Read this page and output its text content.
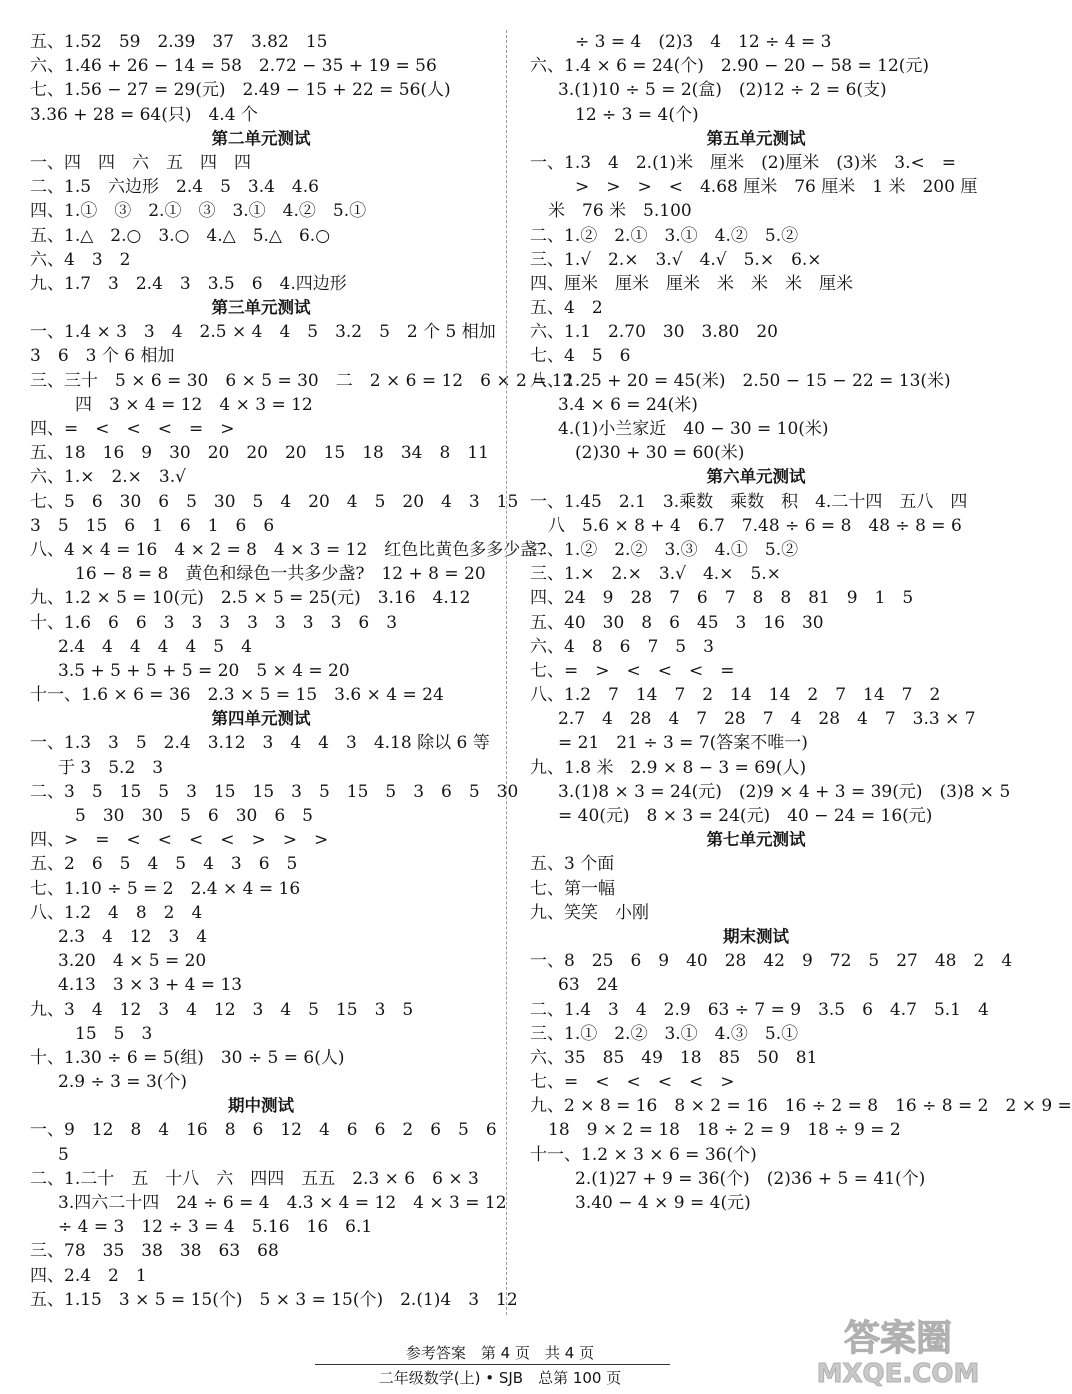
五、1.52　59　2.39　37　3.82　15
六、1.46 + 26 − 14 = 58　2.72 − 35 + 19 = 56
七、1.56 − 27 = 29(元)　2.49 − 15 + 22 = 56(人)
3.36 + 28 = 64(只)　4.4 个
第二单元测试
一、四　四　六　五　四　四
二、1.5　六边形　2.4　5　3.4　4.6
四、1.①　③　2.①　③　3.①　4.②　5.①
五、1.△　2.○　3.○　4.△　5.△　6.○
六、4　3　2
九、1.7　3　2.4　3　3.5　6　4.四边形
第三单元测试
一、1.4 × 3　3　4　2.5 × 4　4　5　3.2　5　2 个 5 相加
3　6　3 个 6 相加
三、三十　5 × 6 = 30　6 × 5 = 30　二　2 × 6 = 12　6 × 2 = 12
四　3 × 4 = 12　4 × 3 = 12
四、=　<　<　<　=　>
五、18　16　9　30　20　20　20　15　18　34　8　11
六、1.×　2.×　3.√
七、5　6　30　6　5　30　5　4　20　4　5　20　4　3　15
3　5　15　6　1　6　1　6　6
八、4 × 4 = 16　4 × 2 = 8　4 × 3 = 12　红色比黄色多多少盏?
16 − 8 = 8　黄色和绿色一共多少盏?　12 + 8 = 20
九、1.2 × 5 = 10(元)　2.5 × 5 = 25(元)　3.16　4.12
十、1.6　6　6　3　3　3　3　3　3　3　6　3
2.4　4　4　4　4　5　4
3.5 + 5 + 5 + 5 = 20　5 × 4 = 20
十一、1.6 × 6 = 36　2.3 × 5 = 15　3.6 × 4 = 24
第四单元测试
一、1.3　3　5　2.4　3.12　3　4　4　3　4.18 除以 6 等
于 3　5.2　3
二、3　5　15　5　3　15　15　3　5　15　5　3　6　5　30
5　30　30　5　6　30　6　5
四、>　=　<　<　<　<　>　>　>
五、2　6　5　4　5　4　3　6　5
七、1.10 ÷ 5 = 2　2.4 × 4 = 16
八、1.2　4　8　2　4
2.3　4　12　3　4
3.20　4 × 5 = 20
4.13　3 × 3 + 4 = 13
九、3　4　12　3　4　12　3　4　5　15　3　5
15　5　3
十、1.30 ÷ 6 = 5(组)　30 ÷ 5 = 6(人)
2.9 ÷ 3 = 3(个)
期中测试
一、9　12　8　4　16　8　6　12　4　6　6　2　6　5　6
5
二、1.二十　五　十八　六　四四　五五　2.3 × 6　6 × 3
3.四六二十四　24 ÷ 6 = 4　4.3 × 4 = 12　4 × 3 = 12
÷ 4 = 3　12 ÷ 3 = 4　5.16　16　6.1
三、78　35　38　38　63　68
四、2.4　2　1
五、1.15　3 × 5 = 15(个)　5 × 3 = 15(个)　2.(1)4　3　12
÷ 3 = 4　(2)3　4　12 ÷ 4 = 3
六、1.4 × 6 = 24(个)　2.90 − 20 − 58 = 12(元)
3.(1)10 ÷ 5 = 2(盒)　(2)12 ÷ 2 = 6(支)
12 ÷ 3 = 4(个)
第五单元测试
一、1.3　4　2.(1)米　厘米　(2)厘米　(3)米　3.<　=
>　>　>　<　4.68 厘米　76 厘米　1 米　200 厘
米　76 米　5.100
二、1.②　2.①　3.①　4.②　5.②
三、1.√　2.×　3.√　4.√　5.×　6.×
四、厘米　厘米　厘米　米　米　米　厘米
五、4　2
六、1.1　2.70　30　3.80　20
七、4　5　6
八、1.25 + 20 = 45(米)　2.50 − 15 − 22 = 13(米)
3.4 × 6 = 24(米)
4.(1)小兰家近　40 − 30 = 10(米)
(2)30 + 30 = 60(米)
第六单元测试
一、1.45　2.1　3.乘数　乘数　积　4.二十四　五八　四
八　5.6 × 8 + 4　6.7　7.48 ÷ 6 = 8　48 ÷ 8 = 6
二、1.②　2.②　3.③　4.①　5.②
三、1.×　2.×　3.√　4.×　5.×
四、24　9　28　7　6　7　8　8　81　9　1　5
五、40　30　8　6　45　3　16　30
六、4　8　6　7　5　3
七、=　>　<　<　<　=
八、1.2　7　14　7　2　14　14　2　7　14　7　2
2.7　4　28　4　7　28　7　4　28　4　7　3.3 × 7
= 21　21 ÷ 3 = 7(答案不唯一)
九、1.8 米　2.9 × 8 − 3 = 69(人)
3.(1)8 × 3 = 24(元)　(2)9 × 4 + 3 = 39(元)　(3)8 × 5
= 40(元)　8 × 3 = 24(元)　40 − 24 = 16(元)
第七单元测试
五、3 个面
七、第一幅
九、笑笑　小刚
期末测试
一、8　25　6　9　40　28　42　9　72　5　27　48　2　4
63　24
二、1.4　3　4　2.9　63 ÷ 7 = 9　3.5　6　4.7　5.1　4
三、1.①　2.②　3.①　4.③　5.①
六、35　85　49　18　85　50　81
七、=　<　<　<　<　>
九、2 × 8 = 16　8 × 2 = 16　16 ÷ 2 = 8　16 ÷ 8 = 2　2 × 9 =
18　9 × 2 = 18　18 ÷ 2 = 9　18 ÷ 9 = 2
十一、1.2 × 3 × 6 = 36(个)
2.(1)27 + 9 = 36(个)　(2)36 + 5 = 41(个)
3.40 − 4 × 9 = 4(元)
参考答案　第 4 页　共 4 页
二年级数学(上) • SJB　总第 100 页
答案圈
MXQE.COM
